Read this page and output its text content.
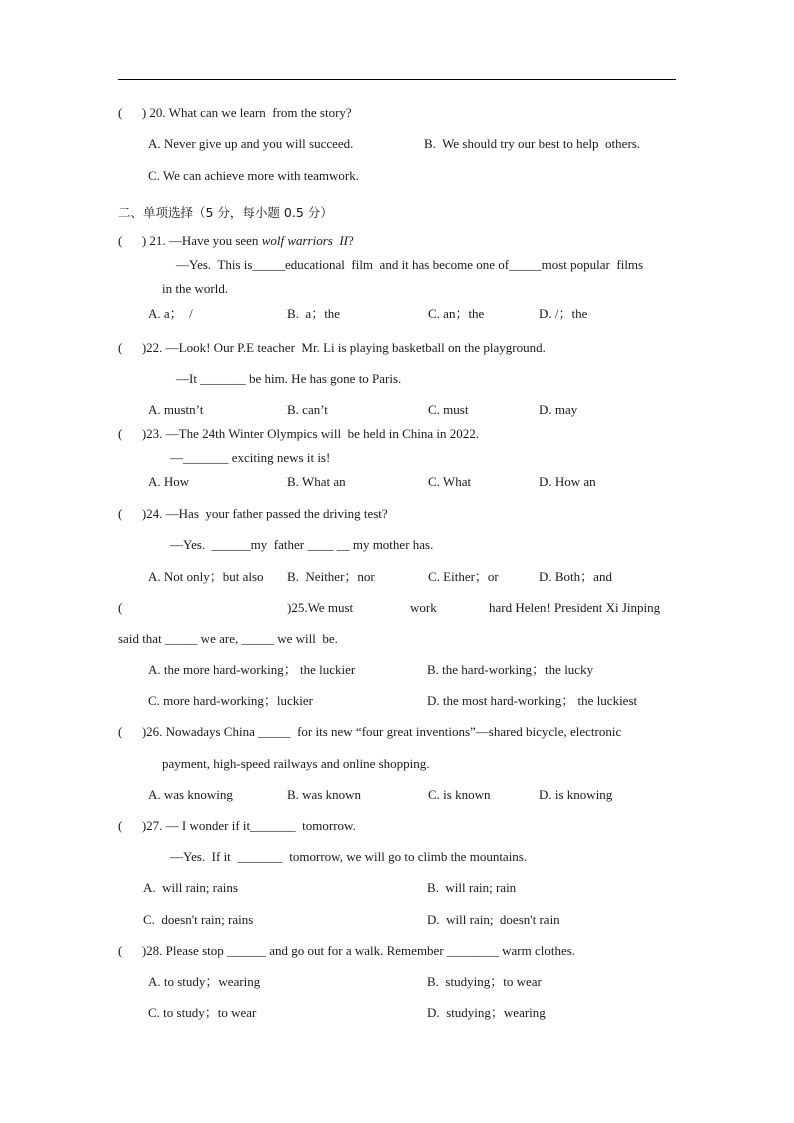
(      ) 20. What can we learn  from the story?
A. Never give up and you will succeed.	B.  We should try our best to help  others.
C. We can achieve more with teamwork.
二、单项选择（5 分，每小题 0.5 分）
(      ) 21. —Have you seen wolf warriors  II?
—Yes.  This is_____educational  film  and it has become one of_____most popular  films
in the world.
A. a；  /	B.  a；the	C. an；the	D. /；the
(      )22. —Look! Our P.E teacher  Mr. Li is playing basketball on the playground.
—It _______ be him. He has gone to Paris.
A. mustn’t	B. can’t	C. must	D. may
(      )23. —The 24th Winter Olympics will  be held in China in 2022.
—_______ exciting news it is!
A. How	B. What an	C. What	D. How an
(      )24. —Has  your father passed the driving test?
—Yes.  ______my  father ____ __ my mother has.
A. Not only；but also B.  Neither；nor	C. Either；or	D. Both；and
(	)25.We must	work	hard Helen! President Xi Jinping
said that _____ we are, _____ we will  be.
A. the more hard-working； the luckier	B. the hard-working；the lucky
C. more hard-working；luckier	D. the most hard-working； the luckiest
(      )26. Nowadays China _____  for its new “four great inventions”—shared bicycle, electronic
payment, high-speed railways and online shopping.
A. was knowing	B. was known	C. is known	D. is knowing
(      )27. — I wonder if it_______  tomorrow.
—Yes.  If it  _______  tomorrow, we will go to climb the mountains.
A.  will rain; rains	B.  will rain; rain
C.  doesn't rain; rains	D.  will rain;  doesn't rain
(      )28. Please stop ______ and go out for a walk. Remember ________ warm clothes.
A. to study；wearing	B.  studying；to wear
C. to study；to wear	D.  studying；wearing
